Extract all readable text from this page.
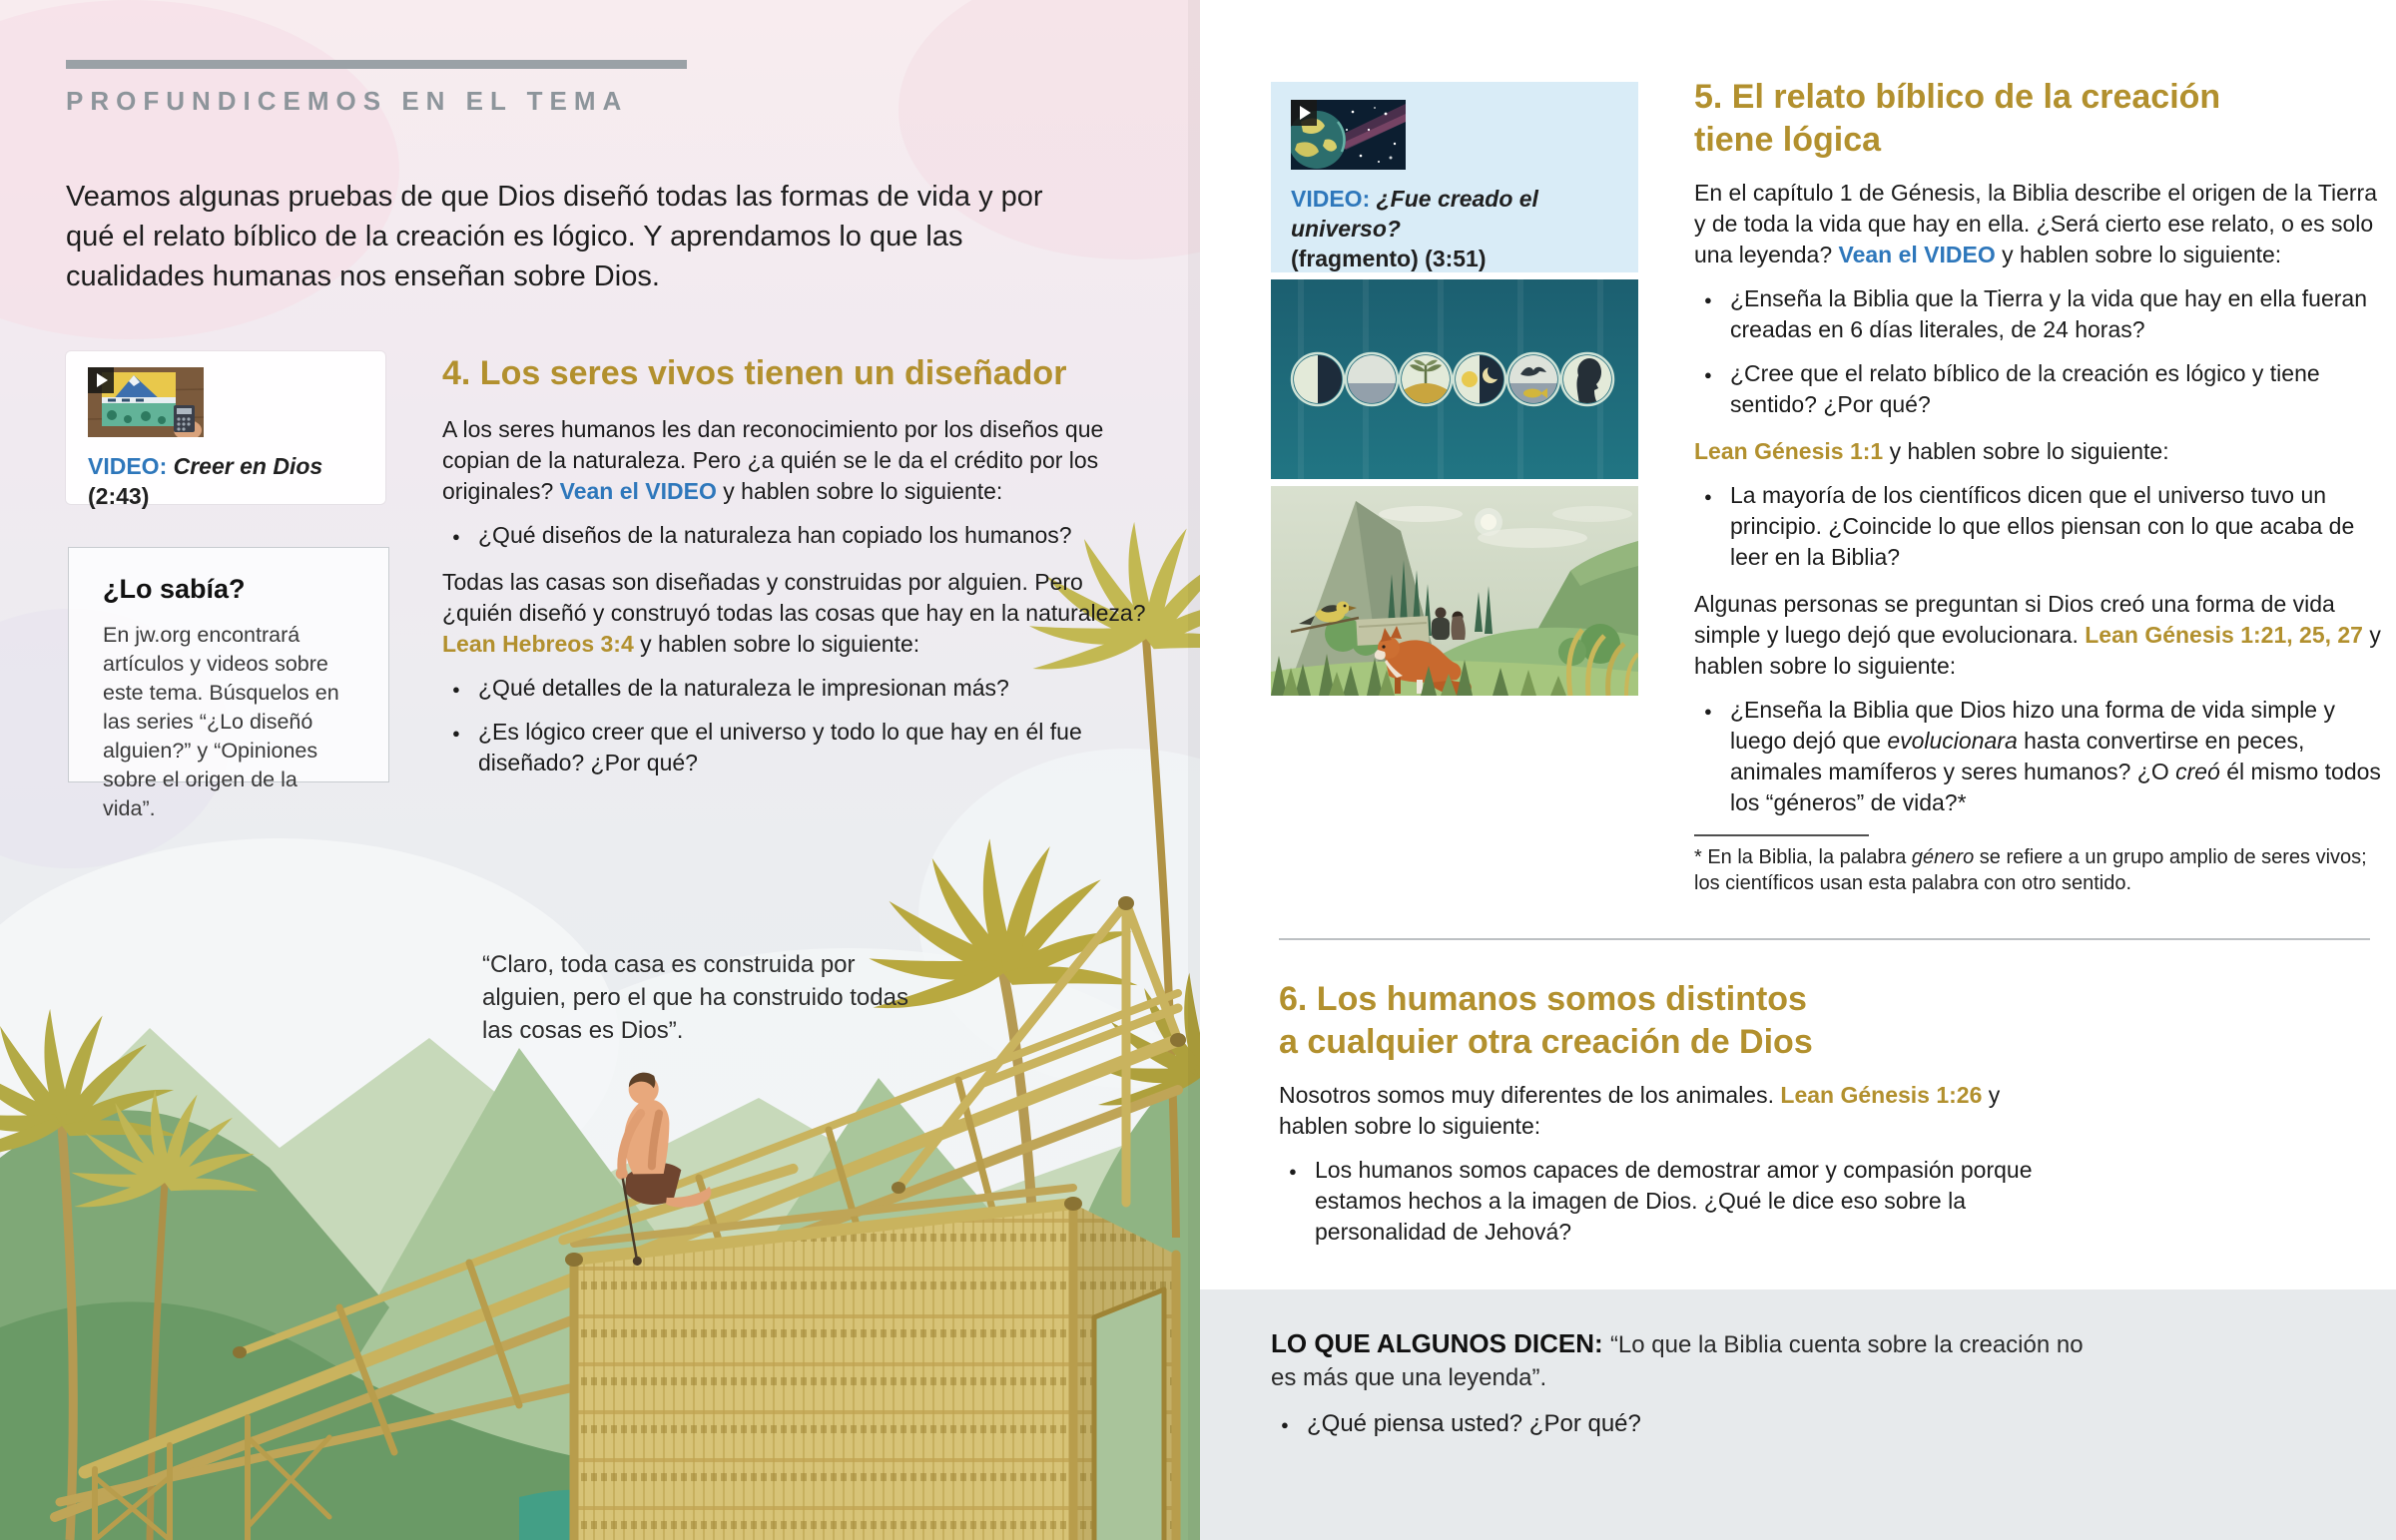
PROFUNDICEMOS EN EL TEMA

Veamos algunas pruebas de que Dios diseñó todas las formas de vida y por qué el relato bíblico de la creación es lógico. Y aprendamos lo que las cualidades humanas nos enseñan sobre Dios.

VIDEO: Creer en Dios (2:43)
¿Lo sabía?

En jw.org encontrará artículos y videos sobre este tema. Búsquelos en las series “¿Lo diseñó alguien?” y “Opiniones sobre el origen de la vida”.

4. Los seres vivos tienen un diseñador

A los seres humanos les dan reconocimiento por los diseños que copian de la naturaleza. Pero ¿a quién se le da el crédito por los originales? Vean el VIDEO y hablen sobre lo siguiente:

● ¿Qué diseños de la naturaleza han copiado los humanos?

Todas las casas son diseñadas y construidas por alguien. Pero ¿quién diseñó y construyó todas las cosas que hay en la naturaleza? Lean Hebreos 3:4 y hablen sobre lo siguiente:

● ¿Qué detalles de la naturaleza le impresionan más?
● ¿Es lógico creer que el universo y todo lo que hay en él fue diseñado? ¿Por qué?
“Claro, toda casa es construida por alguien, pero el que ha construido todas las cosas es Dios”.
VIDEO: ¿Fue creado el universo?
(fragmento) (3:51)
5. El relato bíblico de la creación
tiene lógica

En el capítulo 1 de Génesis, la Biblia describe el origen de la Tierra y de toda la vida que hay en ella. ¿Será cierto ese relato, o es solo una leyenda? Vean el VIDEO y hablen sobre lo siguiente:

● ¿Enseña la Biblia que la Tierra y la vida que hay en ella fueran creadas en 6 días literales, de 24 horas?
● ¿Cree que el relato bíblico de la creación es lógico y tiene sentido? ¿Por qué?

Lean Génesis 1:1 y hablen sobre lo siguiente:

● La mayoría de los científicos dicen que el universo tuvo un principio. ¿Coincide lo que ellos piensan con lo que acaba de leer en la Biblia?

Algunas personas se preguntan si Dios creó una forma de vida simple y luego dejó que evolucionara. Lean Génesis 1:21, 25, 27 y hablen sobre lo siguiente:

● ¿Enseña la Biblia que Dios hizo una forma de vida simple y luego dejó que evolucionara hasta convertirse en peces, animales mamíferos y seres humanos? ¿O creó él mismo todos los “géneros” de vida?*

* En la Biblia, la palabra género se refiere a un grupo amplio de seres vivos; los científicos usan esta palabra con otro sentido.

6. Los humanos somos distintos
a cualquier otra creación de Dios

Nosotros somos muy diferentes de los animales. Lean Génesis 1:26 y hablen sobre lo siguiente:

● Los humanos somos capaces de demostrar amor y compasión porque estamos hechos a la imagen de Dios. ¿Qué le dice eso sobre la personalidad de Jehová?

LO QUE ALGUNOS DICEN: “Lo que la Biblia cuenta sobre la creación no es más que una leyenda”.

● ¿Qué piensa usted? ¿Por qué?
